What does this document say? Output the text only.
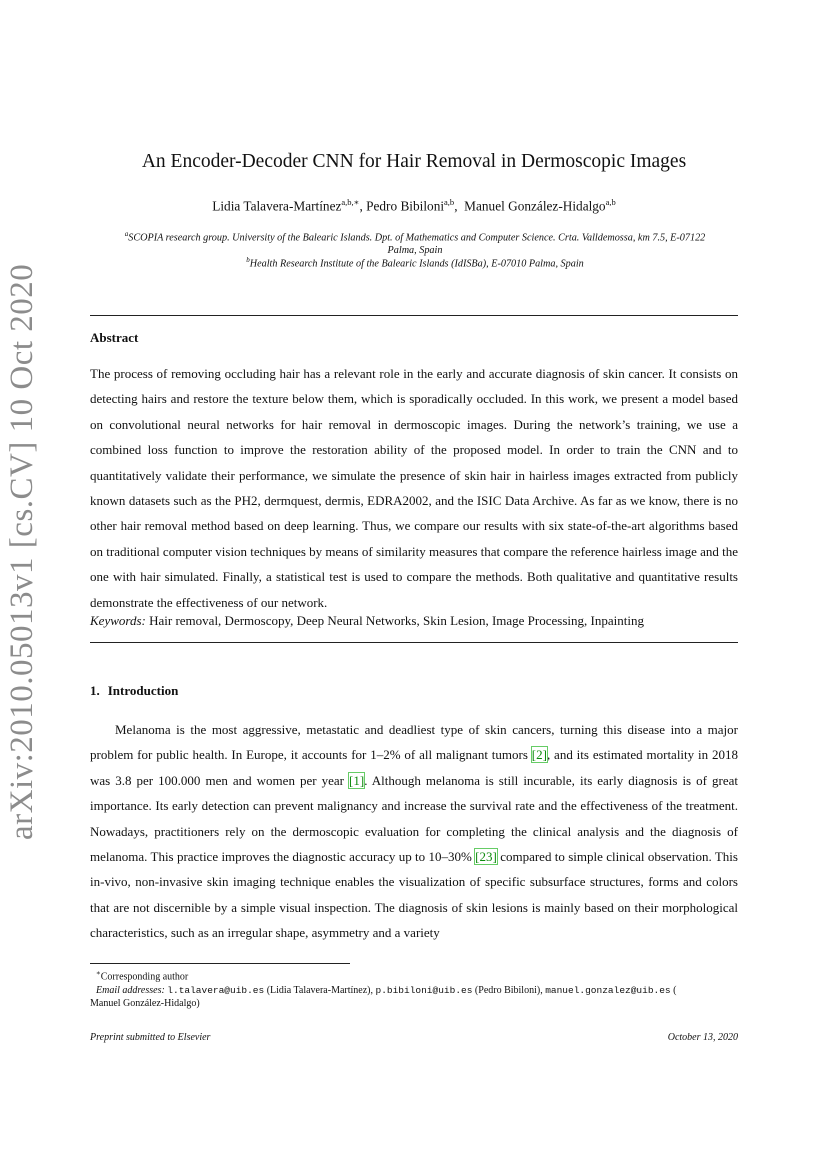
arXiv:2010.05013v1 [cs.CV] 10 Oct 2020
An Encoder-Decoder CNN for Hair Removal in Dermoscopic Images
Lidia Talavera-Martínez$^{a,b,∗}$, Pedro Bibiloni$^{a,b}$,  Manuel González-Hidalgo$^{a,b}$
$^a$SCOPIA research group. University of the Balearic Islands. Dpt. of Mathematics and Computer Science. Crta. Valldemossa, km 7.5, E-07122
Palma, Spain
$^b$Health Research Institute of the Balearic Islands (IdISBa), E-07010 Palma, Spain
Abstract
The process of removing occluding hair has a relevant role in the early and accurate diagnosis of skin cancer. It consists on detecting hairs and restore the texture below them, which is sporadically occluded. In this work, we present a model based on convolutional neural networks for hair removal in dermoscopic images. During the network’s training, we use a combined loss function to improve the restoration ability of the proposed model. In order to train the CNN and to quantitatively validate their performance, we simulate the presence of skin hair in hairless images extracted from publicly known datasets such as the PH2, dermquest, dermis, EDRA2002, and the ISIC Data Archive. As far as we know, there is no other hair removal method based on deep learning. Thus, we compare our results with six state-of-the-art algorithms based on traditional computer vision techniques by means of similarity measures that compare the reference hairless image and the one with hair simulated. Finally, a statistical test is used to compare the methods. Both qualitative and quantitative results demonstrate the effectiveness of our network.
Keywords: Hair removal, Dermoscopy, Deep Neural Networks, Skin Lesion, Image Processing, Inpainting
1. Introduction
Melanoma is the most aggressive, metastatic and deadliest type of skin cancers, turning this disease into a major problem for public health. In Europe, it accounts for 1–2% of all malignant tumors [2], and its estimated mortality in 2018 was 3.8 per 100.000 men and women per year [1]. Although melanoma is still incurable, its early diagnosis is of great importance. Its early detection can prevent malignancy and increase the survival rate and the effectiveness of the treatment. Nowadays, practitioners rely on the dermoscopic evaluation for completing the clinical analysis and the diagnosis of melanoma. This practice improves the diagnostic accuracy up to 10–30% [23] compared to simple clinical observation. This in-vivo, non-invasive skin imaging technique enables the visualization of specific subsurface structures, forms and colors that are not discernible by a simple visual inspection. The diagnosis of skin lesions is mainly based on their morphological characteristics, such as an irregular shape, asymmetry and a variety
∗Corresponding author
Email addresses: l.talavera@uib.es (Lidia Talavera-Martínez), p.bibiloni@uib.es (Pedro Bibiloni), manuel.gonzalez@uib.es (
Manuel González-Hidalgo)
Preprint submitted to Elsevier	October 13, 2020
